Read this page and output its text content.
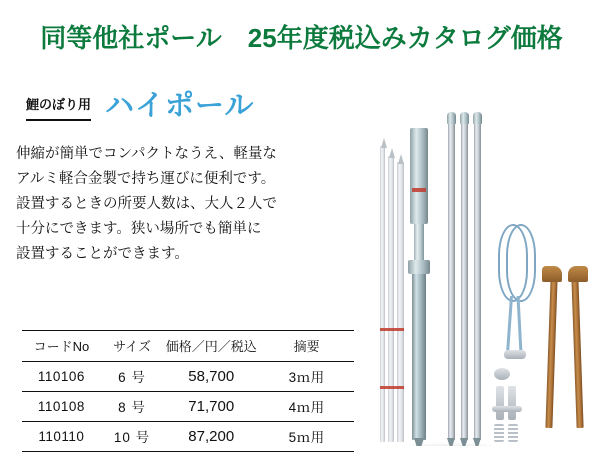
同等他社ポール　25年度税込みカタログ価格
鯉のぼり用 ハイポール
伸縮が簡単でコンパクトなうえ、軽量な
アルミ軽合金製で持ち運びに便利です。
設置するときの所要人数は、大人２人で
十分にできます。狭い場所でも簡単に
設置することができます。
コードNo	サイズ	価格／円／税込	摘要
110106	6 号	58,700	3ｍ用
110108	8 号	71,700	4ｍ用
110110	10 号	87,200	5ｍ用
